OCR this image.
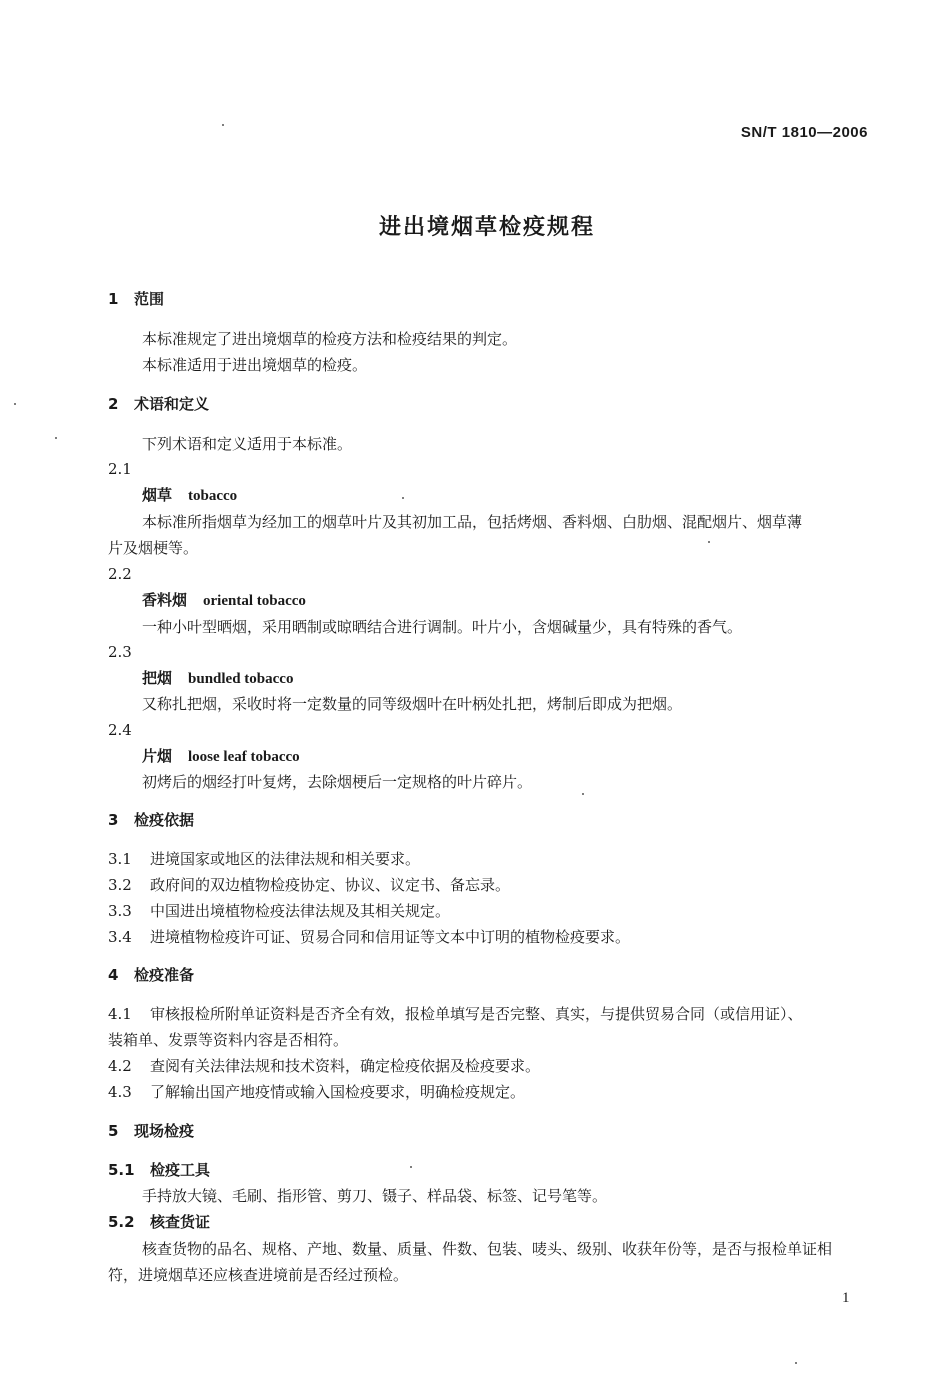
SN/T 1810—2006
进出境烟草检疫规程
1 范围
本标准规定了进出境烟草的检疫方法和检疫结果的判定。
本标准适用于进出境烟草的检疫。
2 术语和定义
下列术语和定义适用于本标准。
2.1
烟草 tobacco
本标准所指烟草为经加工的烟草叶片及其初加工品，包括烤烟、香料烟、白肋烟、混配烟片、烟草薄
片及烟梗等。
2.2
香料烟 oriental tobacco
一种小叶型晒烟，采用晒制或晾晒结合进行调制。叶片小，含烟碱量少，具有特殊的香气。
2.3
把烟 bundled tobacco
又称扎把烟，采收时将一定数量的同等级烟叶在叶柄处扎把，烤制后即成为把烟。
2.4
片烟 loose leaf tobacco
初烤后的烟经打叶复烤，去除烟梗后一定规格的叶片碎片。
3 检疫依据
3.1 进境国家或地区的法律法规和相关要求。
3.2 政府间的双边植物检疫协定、协议、议定书、备忘录。
3.3 中国进出境植物检疫法律法规及其相关规定。
3.4 进境植物检疫许可证、贸易合同和信用证等文本中订明的植物检疫要求。
4 检疫准备
4.1 审核报检所附单证资料是否齐全有效，报检单填写是否完整、真实，与提供贸易合同（或信用证）、
装箱单、发票等资料内容是否相符。
4.2 查阅有关法律法规和技术资料，确定检疫依据及检疫要求。
4.3 了解输出国产地疫情或输入国检疫要求，明确检疫规定。
5 现场检疫
5.1 检疫工具
手持放大镜、毛刷、指形管、剪刀、镊子、样品袋、标签、记号笔等。
5.2 核查货证
核查货物的品名、规格、产地、数量、质量、件数、包装、唛头、级别、收获年份等，是否与报检单证相
符，进境烟草还应核查进境前是否经过预检。
1
